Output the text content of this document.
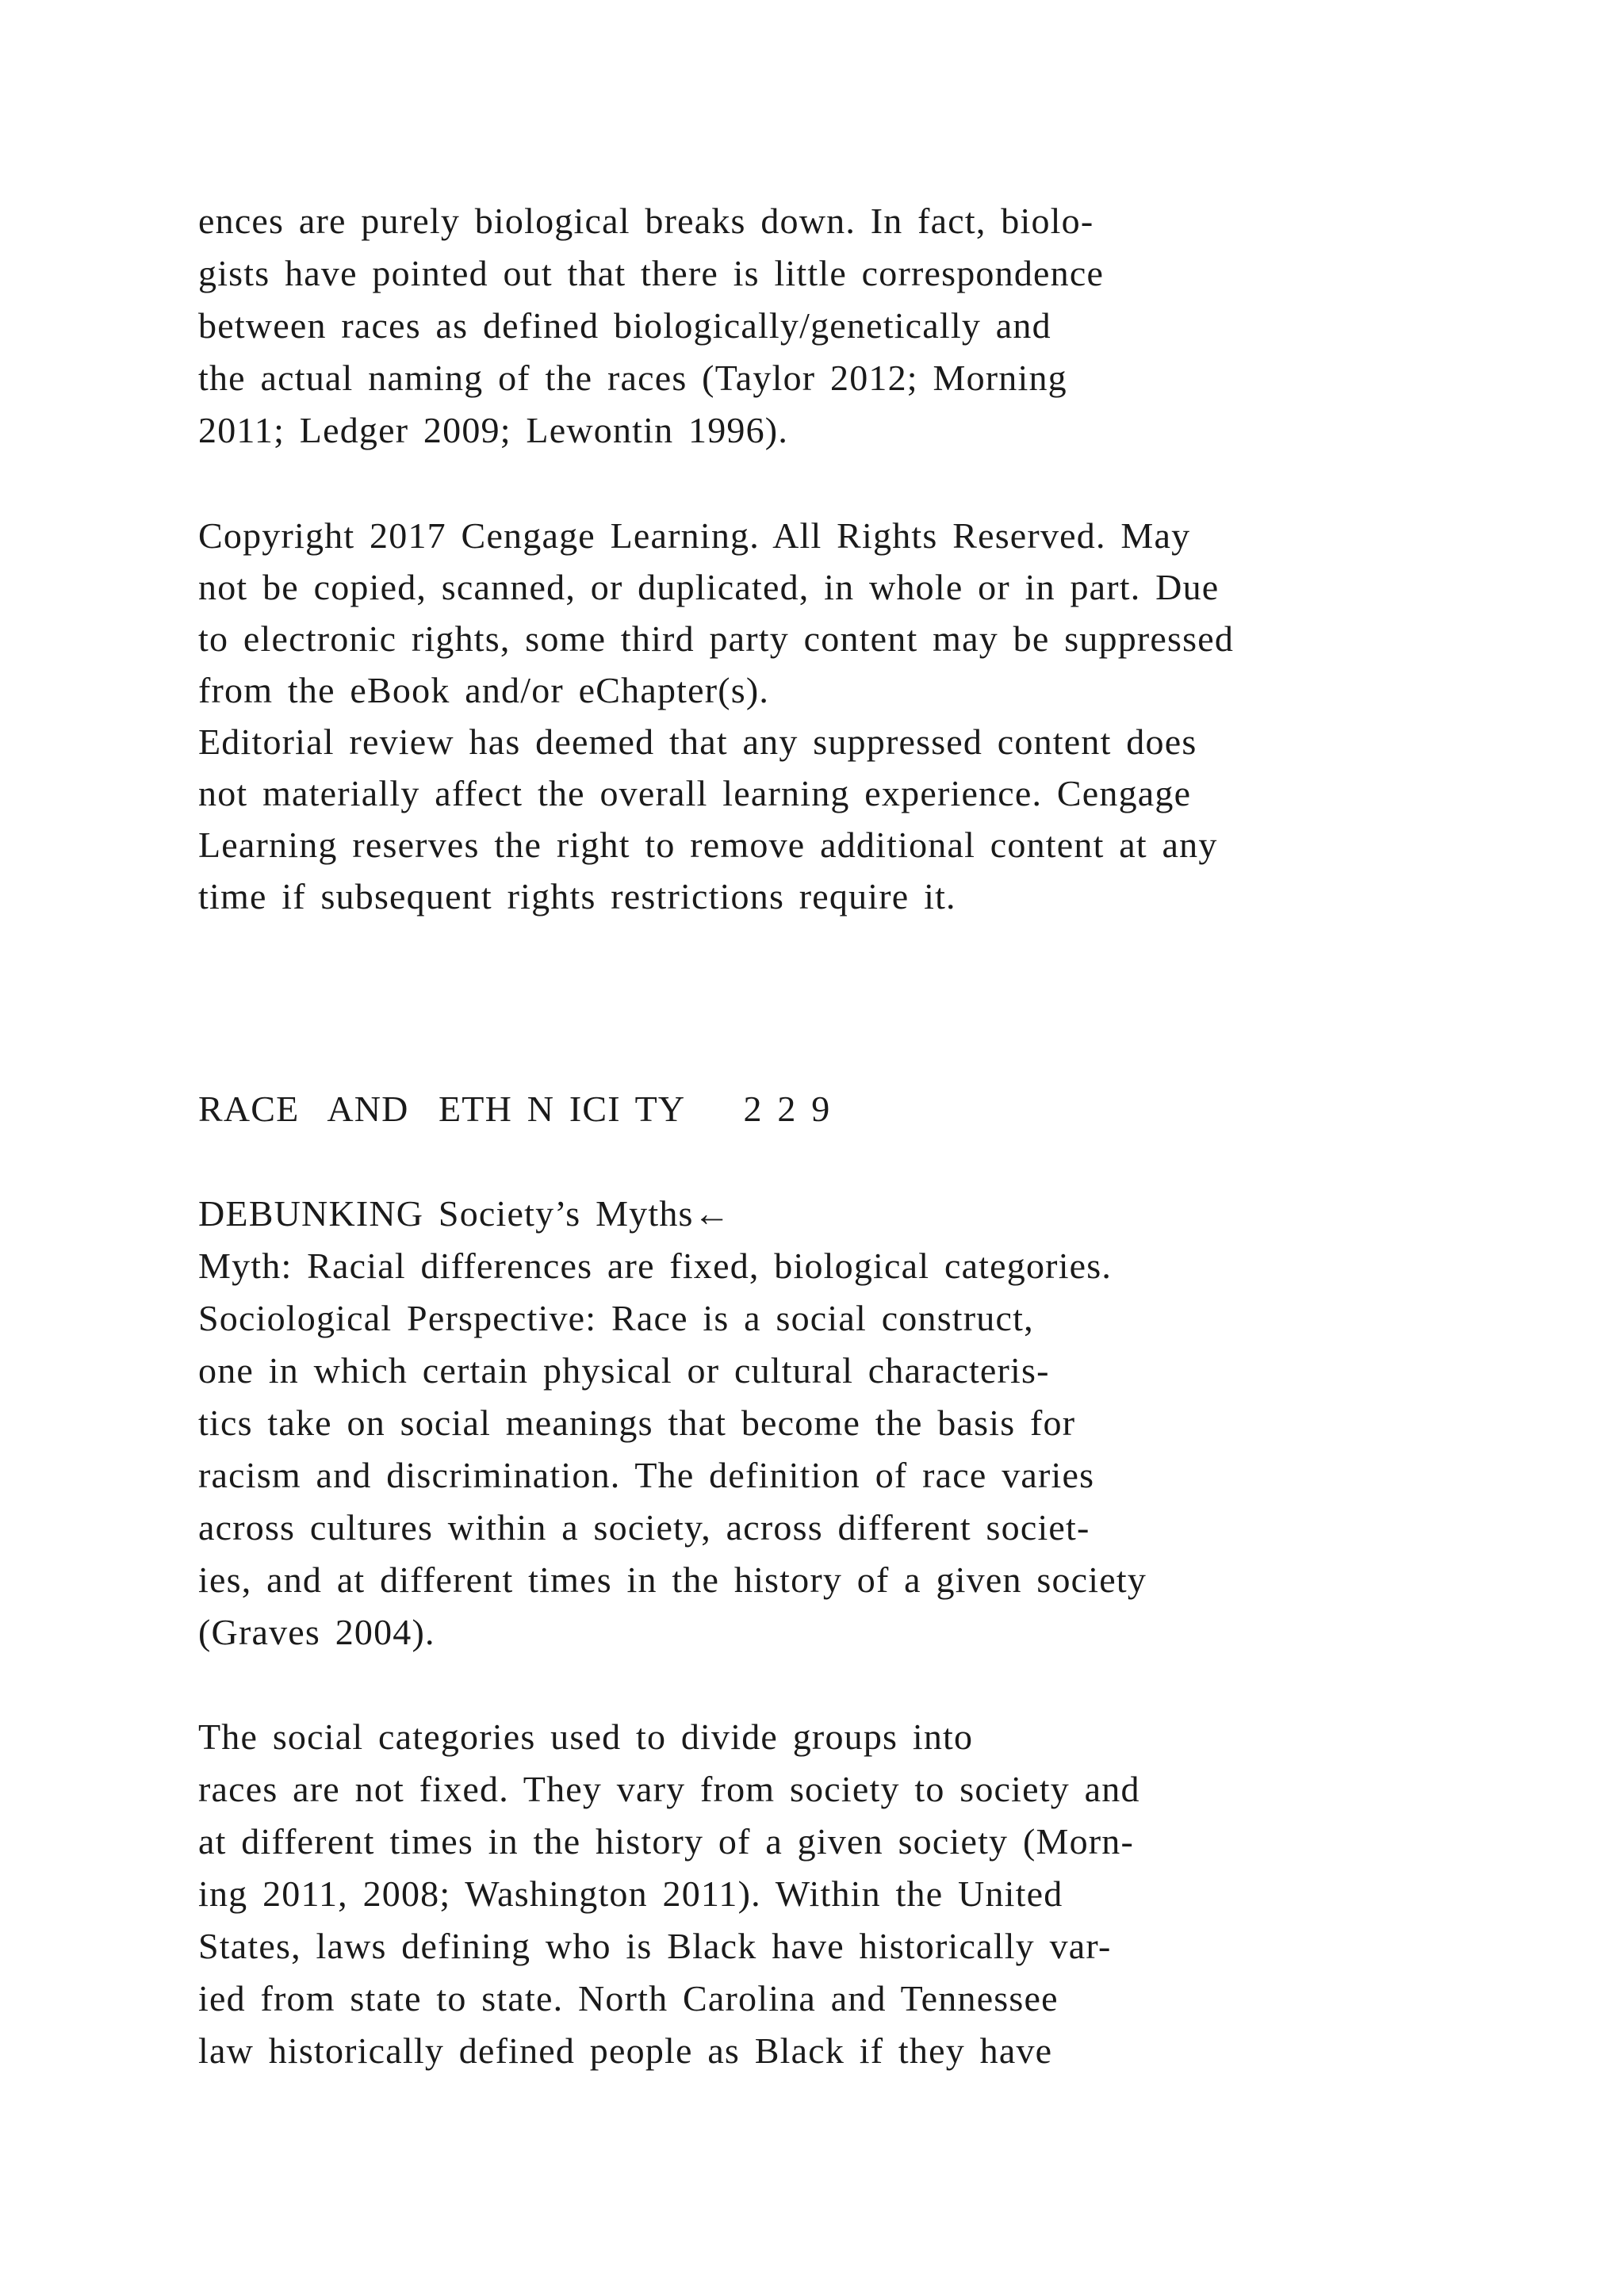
ences are purely biological breaks down. In fact, biolo-

gists have pointed out that there is little correspondence

between races as defined biologically/genetically and

the actual naming of the races (Taylor 2012; Morning

2011; Ledger 2009; Lewontin 1996).

Copyright 2017 Cengage Learning. All Rights Reserved. May

not be copied, scanned, or duplicated, in whole or in part. Due

to electronic rights, some third party content may be suppressed

from the eBook and/or eChapter(s).

Editorial review has deemed that any suppressed content does

not materially affect the overall learning experience. Cengage

Learning reserves the right to remove additional content at any

time if subsequent rights restrictions require it.

RACE  AND  ETH N ICI TY    2 2 9

DEBUNKING Society’s Myths←

Myth: Racial differences are fixed, biological categories.

Sociological Perspective: Race is a social construct,

one in which certain physical or cultural characteris-

tics take on social meanings that become the basis for

racism and discrimination. The definition of race varies

across cultures within a society, across different societ-

ies, and at different times in the history of a given society

(Graves 2004).

The social categories used to divide groups into

races are not fixed. They vary from society to society and

at different times in the history of a given society (Morn-

ing 2011, 2008; Washington 2011). Within the United

States, laws defining who is Black have historically var-

ied from state to state. North Carolina and Tennessee

law historically defined people as Black if they have
